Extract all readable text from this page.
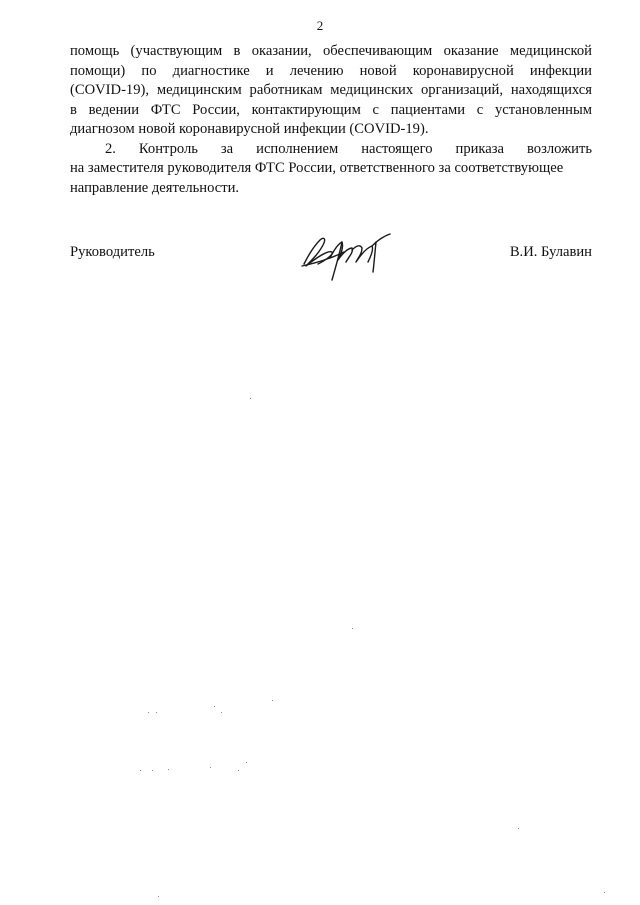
2
помощь (участвующим в оказании, обеспечивающим оказание медицинской
помощи) по диагностике и лечению новой коронавирусной инфекции
(COVID-19), медицинским работникам медицинских организаций, находящихся
в ведении ФТС России, контактирующим с пациентами с установленным
диагнозом новой коронавирусной инфекции (COVID-19).
2. Контроль за исполнением настоящего приказа возложить
на заместителя руководителя ФТС России, ответственного за соответствующее
направление деятельности.
Руководитель	В.И. Булавин
